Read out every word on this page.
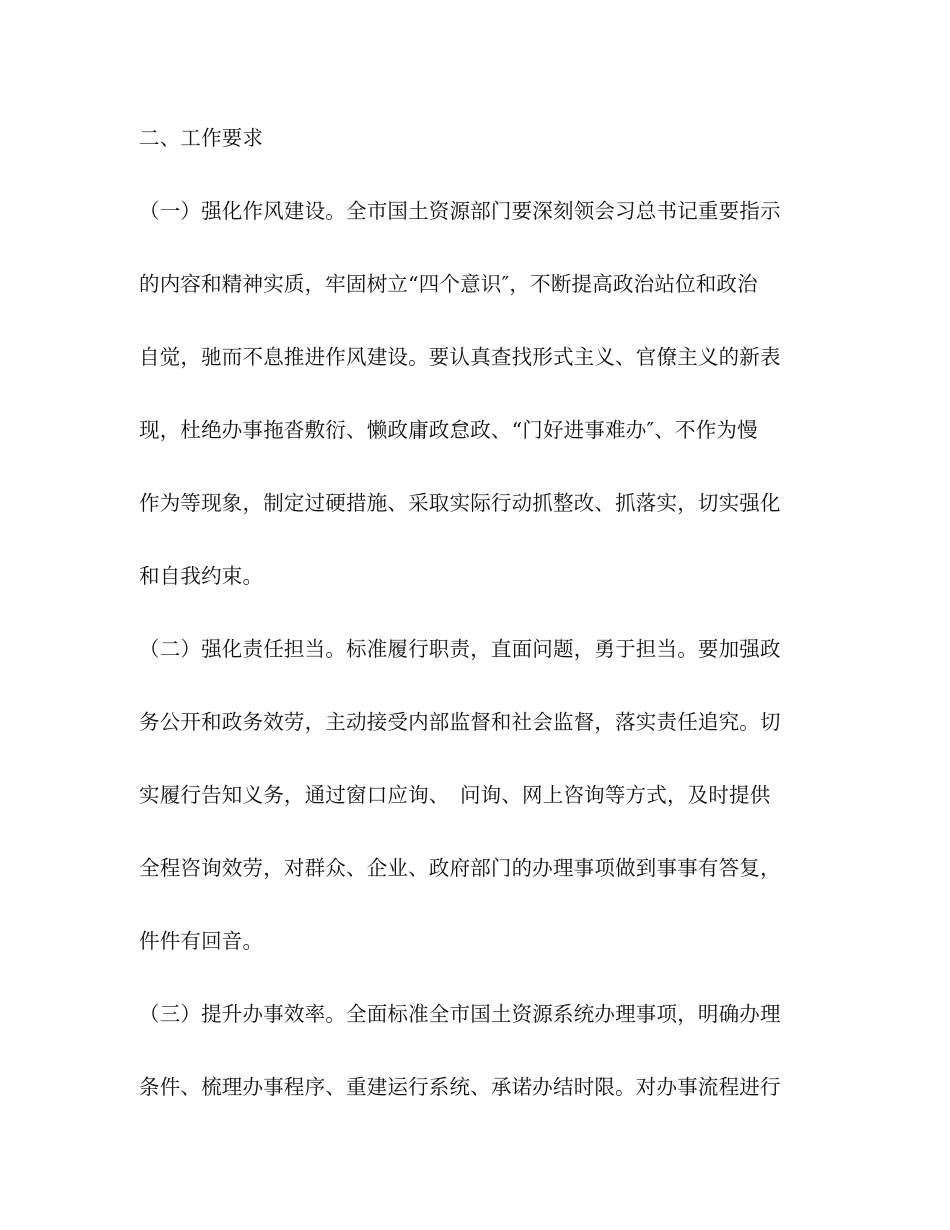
二、工作要求

（一）强化作风建设。全市国土资源部门要深刻领会习总书记重要指示
的内容和精神实质，牢固树立“四个意识″，不断提高政治站位和政治
自觉，驰而不息推进作风建设。要认真查找形式主义、官僚主义的新表
现，杜绝办事拖沓敷衍、懒政庸政怠政、“门好进事难办″、不作为慢
作为等现象，制定过硬措施、采取实际行动抓整改、抓落实，切实强化
和自我约束。

（二）强化责任担当。标准履行职责，直面问题，勇于担当。要加强政
务公开和政务效劳，主动接受内部监督和社会监督，落实责任追究。切
实履行告知义务，通过窗口应询、　问询、网上咨询等方式，及时提供
全程咨询效劳，对群众、企业、政府部门的办理事项做到事事有答复，
件件有回音。

（三）提升办事效率。全面标准全市国土资源系统办理事项，明确办理
条件、梳理办事程序、重建运行系统、承诺办结时限。对办事流程进行
